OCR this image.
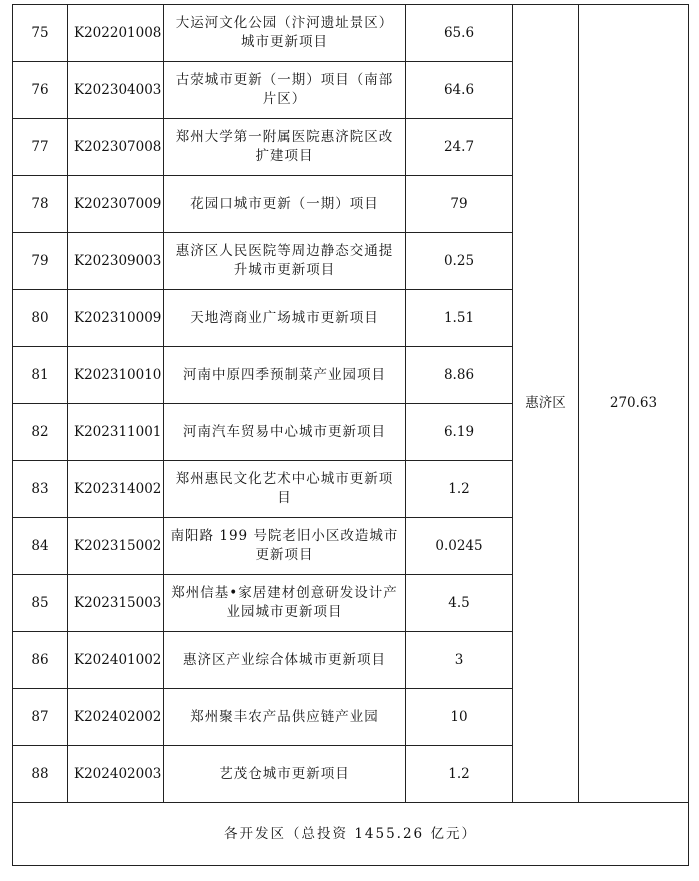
75	K202201008	大运河文化公园（汴河遗址景区）城市更新项目	65.6	惠济区	270.63
76	K202304003	古荥城市更新（一期）项目（南部片区）	64.6		
77	K202307008	郑州大学第一附属医院惠济院区改扩建项目	24.7		
78	K202307009	花园口城市更新（一期）项目	79		
79	K202309003	惠济区人民医院等周边静态交通提升城市更新项目	0.25		
80	K202310009	天地湾商业广场城市更新项目	1.51		
81	K202310010	河南中原四季预制菜产业园项目	8.86		
82	K202311001	河南汽车贸易中心城市更新项目	6.19		
83	K202314002	郑州惠民文化艺术中心城市更新项目	1.2		
84	K202315002	南阳路 199 号院老旧小区改造城市更新项目	0.0245		
85	K202315003	郑州信基•家居建材创意研发设计产业园城市更新项目	4.5		
86	K202401002	惠济区产业综合体城市更新项目	3		
87	K202402002	郑州聚丰农产品供应链产业园	10		
88	K202402003	艺茂仓城市更新项目	1.2		
各开发区（总投资 1455.26 亿元）					
